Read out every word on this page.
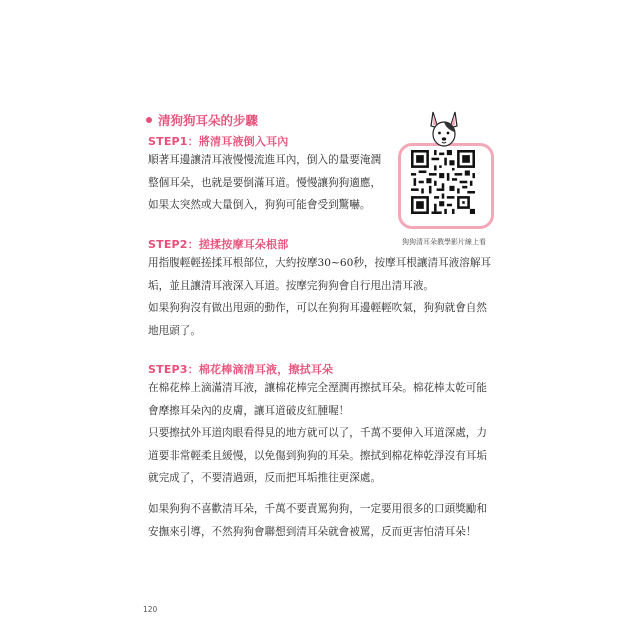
清狗狗耳朵的步驟
STEP1：將清耳液倒入耳內
順著耳邊讓清耳液慢慢流進耳內，倒入的量要淹潤
整個耳朵，也就是要倒滿耳道。慢慢讓狗狗適應，
如果太突然或大量倒入，狗狗可能會受到驚嚇。
狗狗清耳朵教學影片線上看
STEP2：搓揉按摩耳朵根部
用指腹輕輕搓揉耳根部位，大約按摩30~60秒，按摩耳根讓清耳液溶解耳
垢，並且讓清耳液深入耳道。按摩完狗狗會自行甩出清耳液。
如果狗狗沒有做出甩頭的動作，可以在狗狗耳邊輕輕吹氣，狗狗就會自然
地甩頭了。
STEP3：棉花棒滴清耳液，擦拭耳朵
在棉花棒上滴滿清耳液，讓棉花棒完全溼潤再擦拭耳朵。棉花棒太乾可能
會摩擦耳朵內的皮膚，讓耳道破皮紅腫喔！
只要擦拭外耳道肉眼看得見的地方就可以了，千萬不要伸入耳道深處，力
道要非常輕柔且緩慢，以免傷到狗狗的耳朵。擦拭到棉花棒乾淨沒有耳垢
就完成了，不要清過頭，反而把耳垢推往更深處。
如果狗狗不喜歡清耳朵，千萬不要責罵狗狗，一定要用很多的口頭獎勵和
安撫來引導，不然狗狗會聯想到清耳朵就會被罵，反而更害怕清耳朵！
120
